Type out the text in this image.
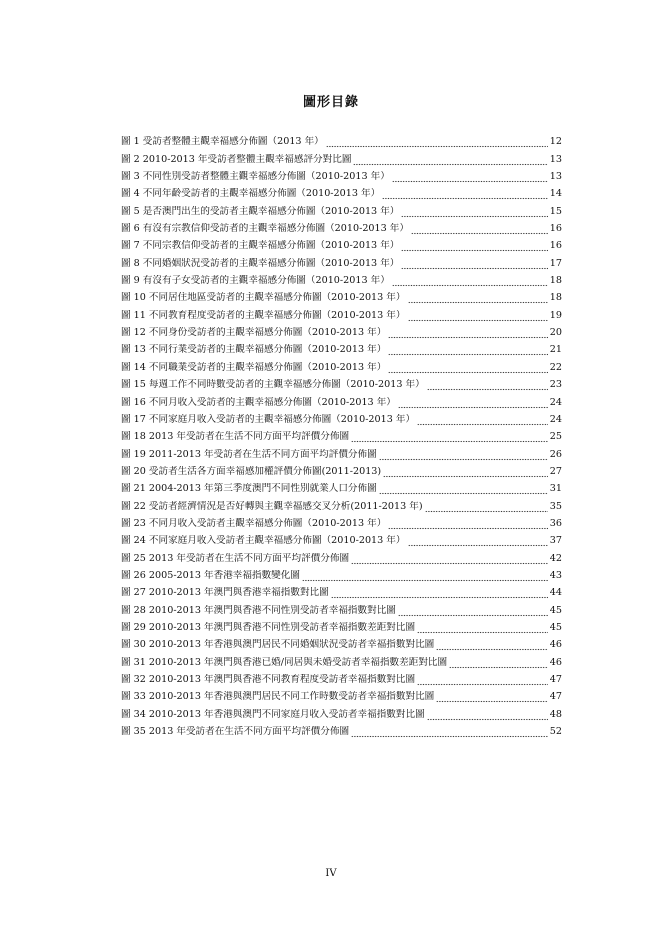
圖形目錄
圖 1 受訪者整體主觀幸福感分佈圖（2013 年）	12
圖 2 2010-2013 年受訪者整體主觀幸福感評分對比圖	13
圖 3 不同性別受訪者整體主觀幸福感分佈圖（2010-2013 年）	13
圖 4 不同年齡受訪者的主觀幸福感分佈圖（2010-2013 年）	14
圖 5 是否澳門出生的受訪者主觀幸福感分佈圖（2010-2013 年）	15
圖 6 有沒有宗教信仰受訪者的主觀幸福感分佈圖（2010-2013 年）	16
圖 7 不同宗教信仰受訪者的主觀幸福感分佈圖（2010-2013 年）	16
圖 8 不同婚姻狀況受訪者的主觀幸福感分佈圖（2010-2013 年）	17
圖 9 有沒有子女受訪者的主觀幸福感分佈圖（2010-2013 年）	18
圖 10 不同居住地區受訪者的主觀幸福感分佈圖（2010-2013 年）	18
圖 11 不同教育程度受訪者的主觀幸福感分佈圖（2010-2013 年）	19
圖 12 不同身份受訪者的主觀幸福感分佈圖（2010-2013 年）	20
圖 13 不同行業受訪者的主觀幸福感分佈圖（2010-2013 年）	21
圖 14 不同職業受訪者的主觀幸福感分佈圖（2010-2013 年）	22
圖 15 每週工作不同時數受訪者的主觀幸福感分佈圖（2010-2013 年）	23
圖 16 不同月收入受訪者的主觀幸福感分佈圖（2010-2013 年）	24
圖 17 不同家庭月收入受訪者的主觀幸福感分佈圖（2010-2013 年）	24
圖 18 2013 年受訪者在生活不同方面平均評價分佈圖	25
圖 19 2011-2013 年受訪者在生活不同方面平均評價分佈圖	26
圖 20 受訪者生活各方面幸福感加權評價分佈圖(2011-2013)	27
圖 21 2004-2013 年第三季度澳門不同性別就業人口分佈圖	31
圖 22 受訪者經濟情況是否好轉與主觀幸福感交叉分析(2011-2013 年)	35
圖 23 不同月收入受訪者主觀幸福感分佈圖（2010-2013 年）	36
圖 24 不同家庭月收入受訪者主觀幸福感分佈圖（2010-2013 年）	37
圖 25 2013 年受訪者在生活不同方面平均評價分佈圖	42
圖 26 2005-2013 年香港幸福指數變化圖	43
圖 27 2010-2013 年澳門與香港幸福指數對比圖	44
圖 28 2010-2013 年澳門與香港不同性別受訪者幸福指數對比圖	45
圖 29 2010-2013 年澳門與香港不同性別受訪者幸福指數差距對比圖	45
圖 30 2010-2013 年香港與澳門居民不同婚姻狀況受訪者幸福指數對比圖	46
圖 31 2010-2013 年澳門與香港已婚/同居與未婚受訪者幸福指數差距對比圖	46
圖 32 2010-2013 年澳門與香港不同教育程度受訪者幸福指數對比圖	47
圖 33 2010-2013 年香港與澳門居民不同工作時數受訪者幸福指數對比圖	47
圖 34 2010-2013 年香港與澳門不同家庭月收入受訪者幸福指數對比圖	48
圖 35 2013 年受訪者在生活不同方面平均評價分佈圖	52
IV
